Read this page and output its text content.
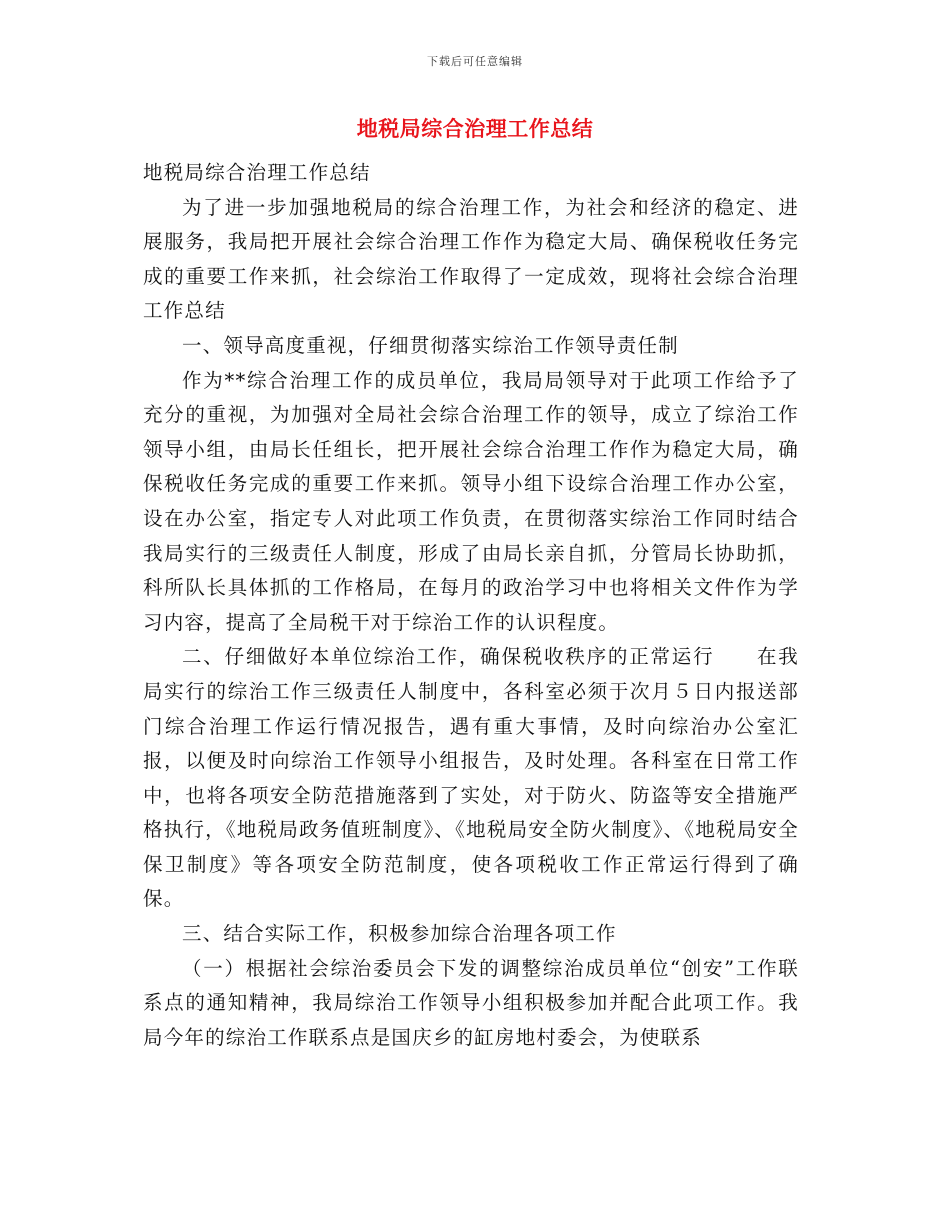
下载后可任意编辑
地税局综合治理工作总结

地税局综合治理工作总结

为了进一步加强地税局的综合治理工作，为社会和经济的稳定、进展服务，我局把开展社会综合治理工作作为稳定大局、确保税收任务完成的重要工作来抓，社会综治工作取得了一定成效，现将社会综合治理工作总结

一、领导高度重视，仔细贯彻落实综治工作领导责任制

作为**综合治理工作的成员单位，我局局领导对于此项工作给予了充分的重视，为加强对全局社会综合治理工作的领导，成立了综治工作领导小组，由局长任组长，把开展社会综合治理工作作为稳定大局，确保税收任务完成的重要工作来抓。领导小组下设综合治理工作办公室，设在办公室，指定专人对此项工作负责，在贯彻落实综治工作同时结合我局实行的三级责任人制度，形成了由局长亲自抓，分管局长协助抓，科所队长具体抓的工作格局，在每月的政治学习中也将相关文件作为学习内容，提高了全局税干对于综治工作的认识程度。

二、仔细做好本单位综治工作，确保税收秩序的正常运行　　在我局实行的综治工作三级责任人制度中，各科室必须于次月５日内报送部门综合治理工作运行情况报告，遇有重大事情，及时向综治办公室汇报，以便及时向综治工作领导小组报告，及时处理。各科室在日常工作中，也将各项安全防范措施落到了实处，对于防火、防盗等安全措施严格执行，《地税局政务值班制度》、《地税局安全防火制度》、《地税局安全保卫制度》等各项安全防范制度，使各项税收工作正常运行得到了确保。

三、结合实际工作，积极参加综合治理各项工作

（一）根据社会综治委员会下发的调整综治成员单位“创安”工作联系点的通知精神，我局综治工作领导小组积极参加并配合此项工作。我局今年的综治工作联系点是国庆乡的缸房地村委会，为使联系
